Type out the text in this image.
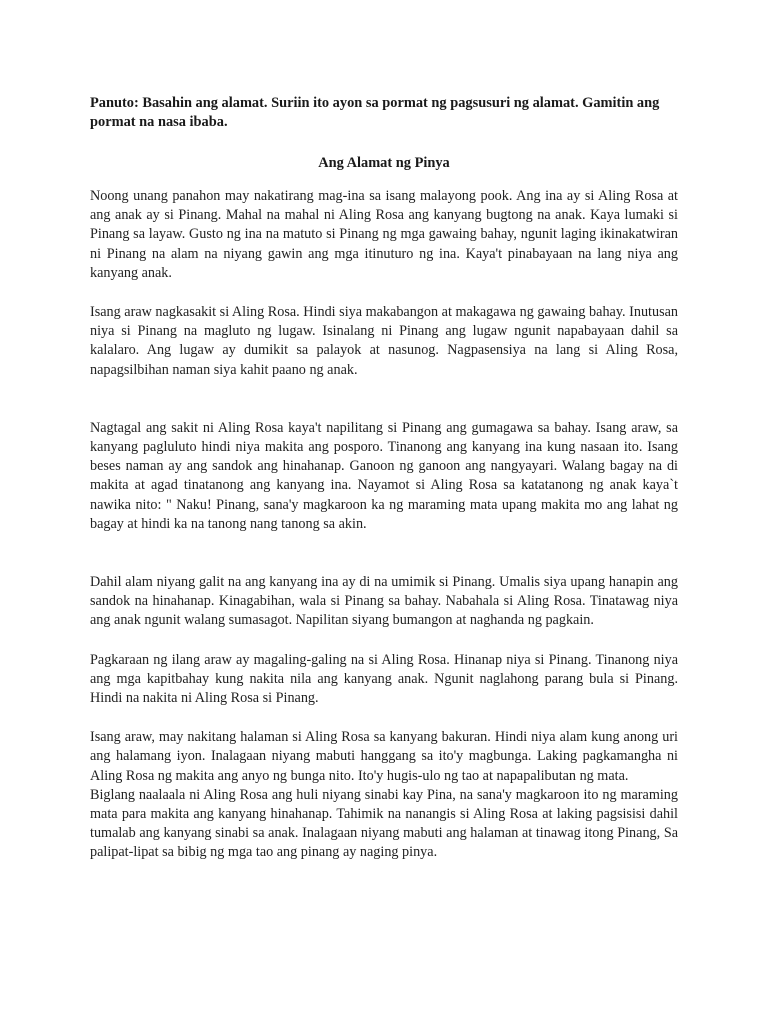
Panuto: Basahin ang alamat. Suriin ito ayon sa pormat ng pagsusuri ng alamat. Gamitin ang pormat na nasa ibaba.

Ang Alamat ng Pinya

Noong unang panahon may nakatirang mag-ina sa isang malayong pook. Ang ina ay si Aling Rosa at ang anak ay si Pinang. Mahal na mahal ni Aling Rosa ang kanyang bugtong na anak. Kaya lumaki si Pinang sa layaw. Gusto ng ina na matuto si Pinang ng mga gawaing bahay, ngunit laging ikinakatwiran ni Pinang na alam na niyang gawin ang mga itinuturo ng ina. Kaya't pinabayaan na lang niya ang kanyang anak.

Isang araw nagkasakit si Aling Rosa. Hindi siya makabangon at makagawa ng gawaing bahay. Inutusan niya si Pinang na magluto ng lugaw. Isinalang ni Pinang ang lugaw ngunit napabayaan dahil sa kalalaro. Ang lugaw ay dumikit sa palayok at nasunog. Nagpasensiya na lang si Aling Rosa, napagsilbihan naman siya kahit paano ng anak.

Nagtagal ang sakit ni Aling Rosa kaya't napilitang si Pinang ang gumagawa sa bahay. Isang araw, sa kanyang pagluluto hindi niya makita ang posporo. Tinanong ang kanyang ina kung nasaan ito. Isang beses naman ay ang sandok ang hinahanap. Ganoon ng ganoon ang nangyayari. Walang bagay na di makita at agad tinatanong ang kanyang ina. Nayamot si Aling Rosa sa katatanong ng anak kaya`t nawika nito: " Naku! Pinang, sana'y magkaroon ka ng maraming mata upang makita mo ang lahat ng bagay at hindi ka na tanong nang tanong sa akin.

Dahil alam niyang galit na ang kanyang ina ay di na umimik si Pinang. Umalis siya upang hanapin ang sandok na hinahanap. Kinagabihan, wala si Pinang sa bahay. Nabahala si Aling Rosa. Tinatawag niya ang anak ngunit walang sumasagot. Napilitan siyang bumangon at naghanda ng pagkain.

Pagkaraan ng ilang araw ay magaling-galing na si Aling Rosa. Hinanap niya si Pinang. Tinanong niya ang mga kapitbahay kung nakita nila ang kanyang anak. Ngunit naglahong parang bula si Pinang. Hindi na nakita ni Aling Rosa si Pinang.

Isang araw, may nakitang halaman si Aling Rosa sa kanyang bakuran. Hindi niya alam kung anong uri ang halamang iyon. Inalagaan niyang mabuti hanggang sa ito'y magbunga. Laking pagkamangha ni Aling Rosa ng makita ang anyo ng bunga nito. Ito'y hugis-ulo ng tao at napapalibutan ng mata.

Biglang naalaala ni Aling Rosa ang huli niyang sinabi kay Pina, na sana'y magkaroon ito ng maraming mata para makita ang kanyang hinahanap. Tahimik na nanangis si Aling Rosa at laking pagsisisi dahil tumalab ang kanyang sinabi sa anak. Inalagaan niyang mabuti ang halaman at tinawag itong Pinang, Sa palipat-lipat sa bibig ng mga tao ang pinang ay naging pinya.
